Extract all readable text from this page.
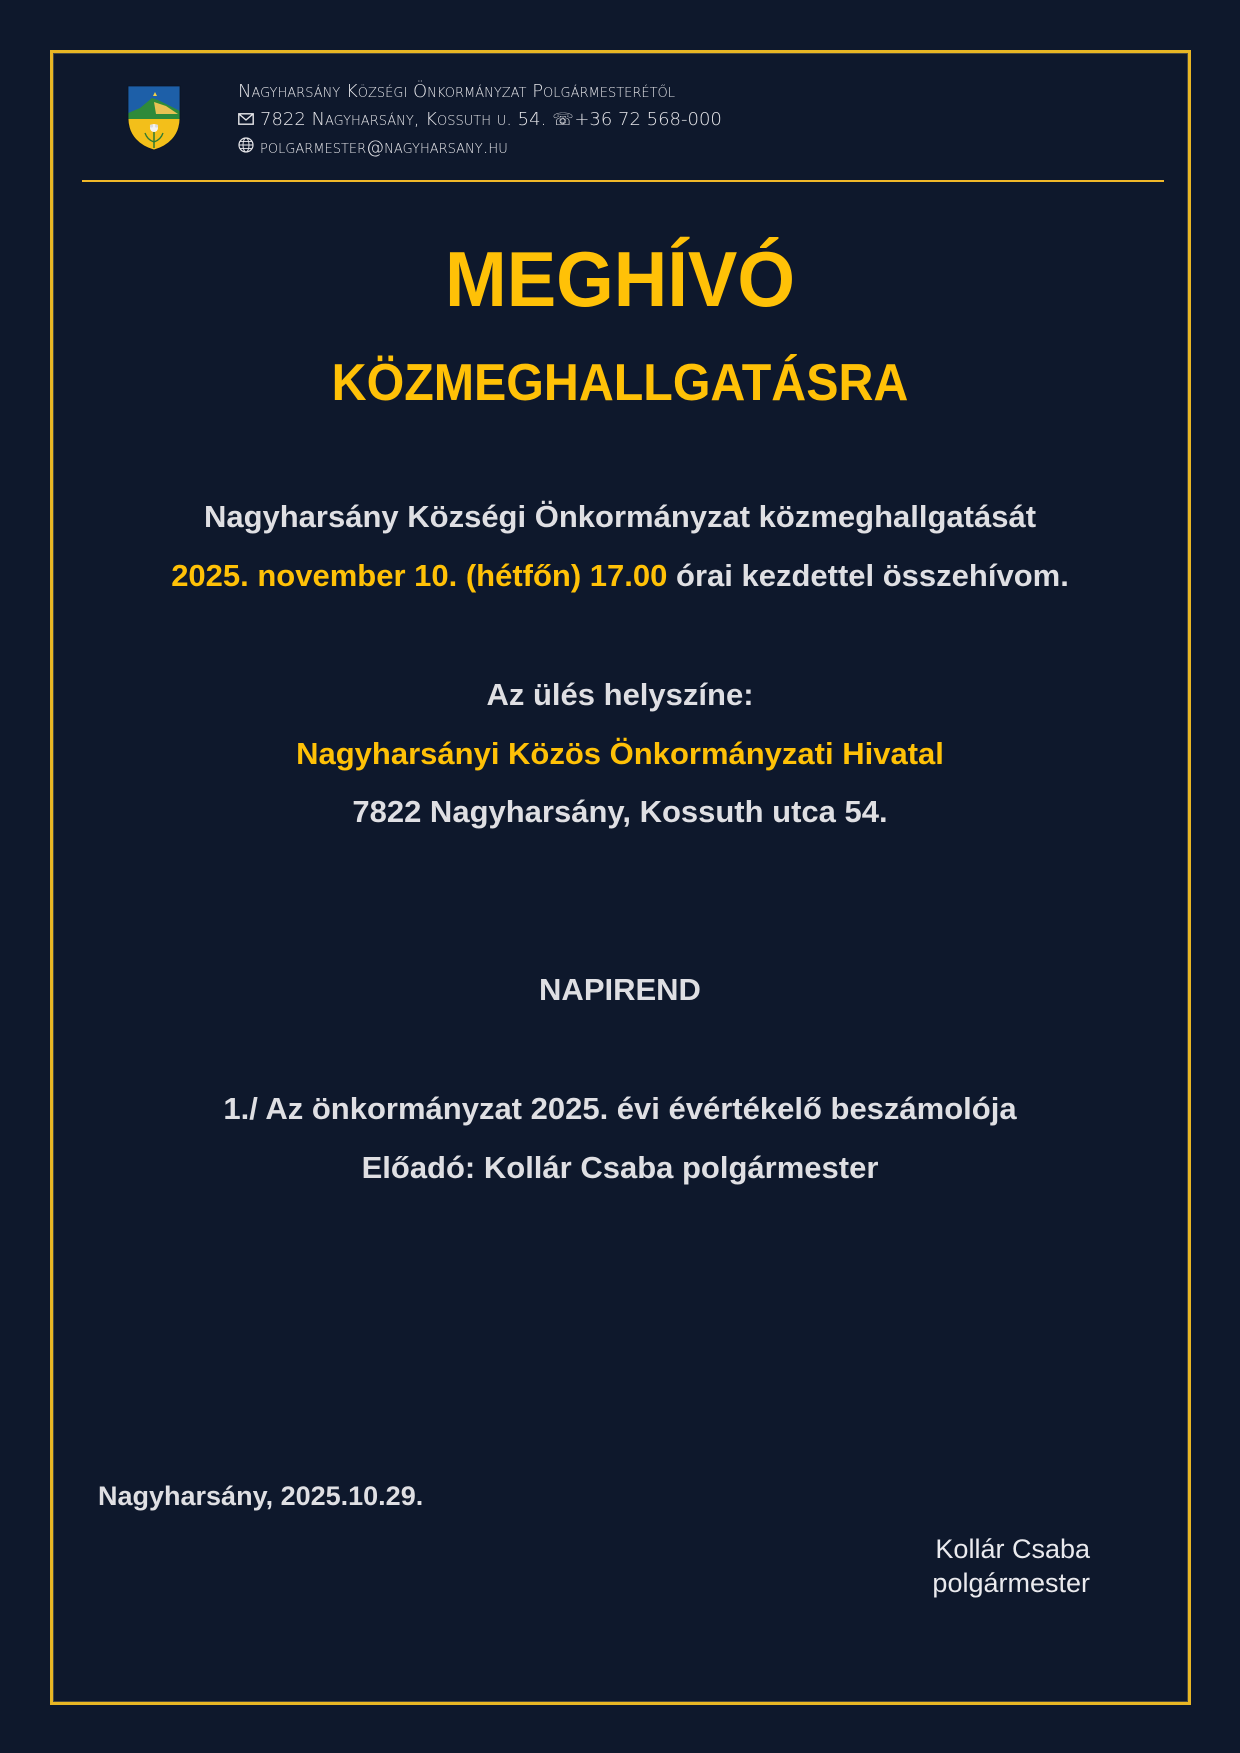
Nagyharsány Községi Önkormányzat Polgármesterétől
7822 Nagyharsány, Kossuth u. 54. ☏ +36 72 568-000
polgarmester@nagyharsany.hu
MEGHÍVÓ
KÖZMEGHALLGATÁSRA
Nagyharsány Községi Önkormányzat közmeghallgatását
2025. november 10. (hétfőn) 17.00 órai kezdettel összehívom.
Az ülés helyszíne:
Nagyharsányi Közös Önkormányzati Hivatal
7822 Nagyharsány, Kossuth utca 54.
NAPIREND
1./ Az önkormányzat 2025. évi évértékelő beszámolója
Előadó: Kollár Csaba polgármester
Nagyharsány, 2025.10.29.
Kollár Csaba
polgármester
